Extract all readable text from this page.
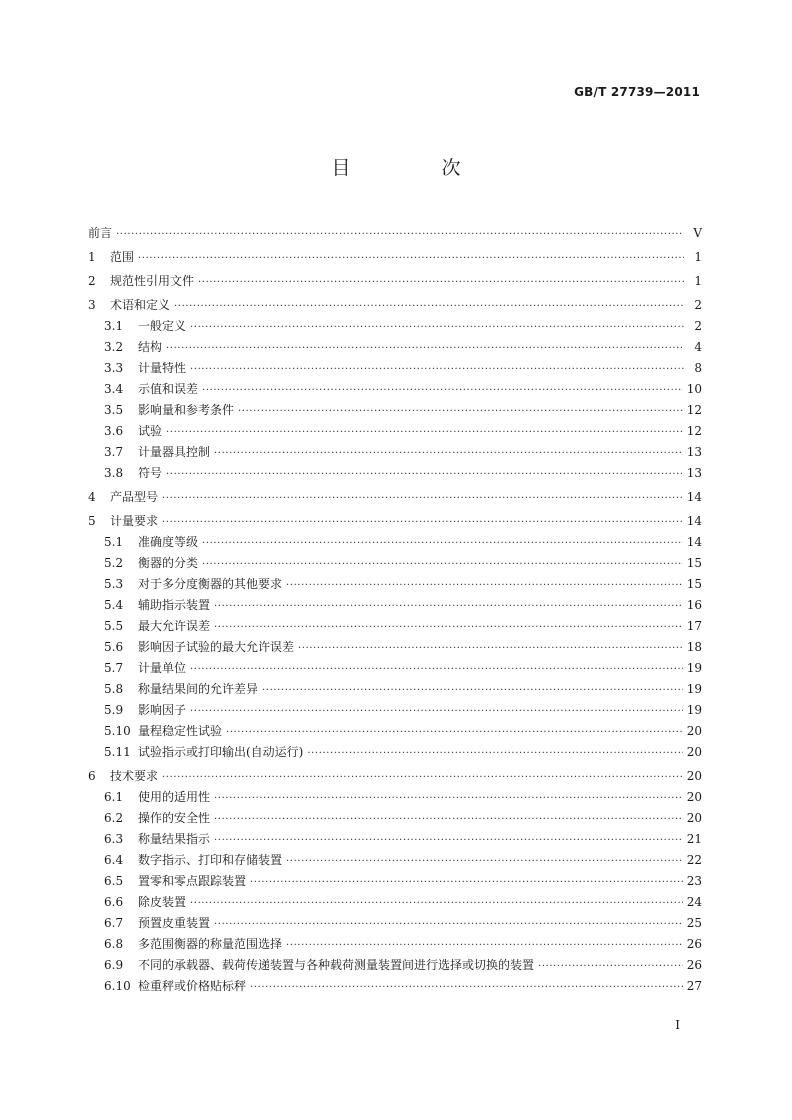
GB/T 27739—2011
目　次
前言 ·····	Ⅴ
1	范围 ·····	1
2	规范性引用文件 ·····	1
3	术语和定义 ·····	2
3.1	一般定义 ·····	2
3.2	结构 ·····	4
3.3	计量特性 ·····	8
3.4	示值和误差 ·····	10
3.5	影响量和参考条件 ·····	12
3.6	试验 ·····	12
3.7	计量器具控制 ·····	13
3.8	符号 ·····	13
4	产品型号 ·····	14
5	计量要求 ·····	14
5.1	准确度等级 ·····	14
5.2	衡器的分类 ·····	15
5.3	对于多分度衡器的其他要求 ·····	15
5.4	辅助指示装置 ·····	16
5.5	最大允许误差 ·····	17
5.6	影响因子试验的最大允许误差 ·····	18
5.7	计量单位 ·····	19
5.8	称量结果间的允许差异 ·····	19
5.9	影响因子 ·····	19
5.10 量程稳定性试验 ·····	20
5.11 试验指示或打印输出(自动运行) ·····	20
6	技术要求 ·····	20
6.1	使用的适用性 ·····	20
6.2	操作的安全性 ·····	20
6.3	称量结果指示 ·····	21
6.4	数字指示、打印和存储装置 ·····	22
6.5	置零和零点跟踪装置 ·····	23
6.6	除皮装置 ·····	24
6.7	预置皮重装置 ·····	25
6.8	多范围衡器的称量范围选择 ·····	26
6.9	不同的承载器、载荷传递装置与各种载荷测量装置间进行选择或切换的装置 ·····	26
6.10 检重秤或价格贴标秤 ·····	27
Ⅰ
